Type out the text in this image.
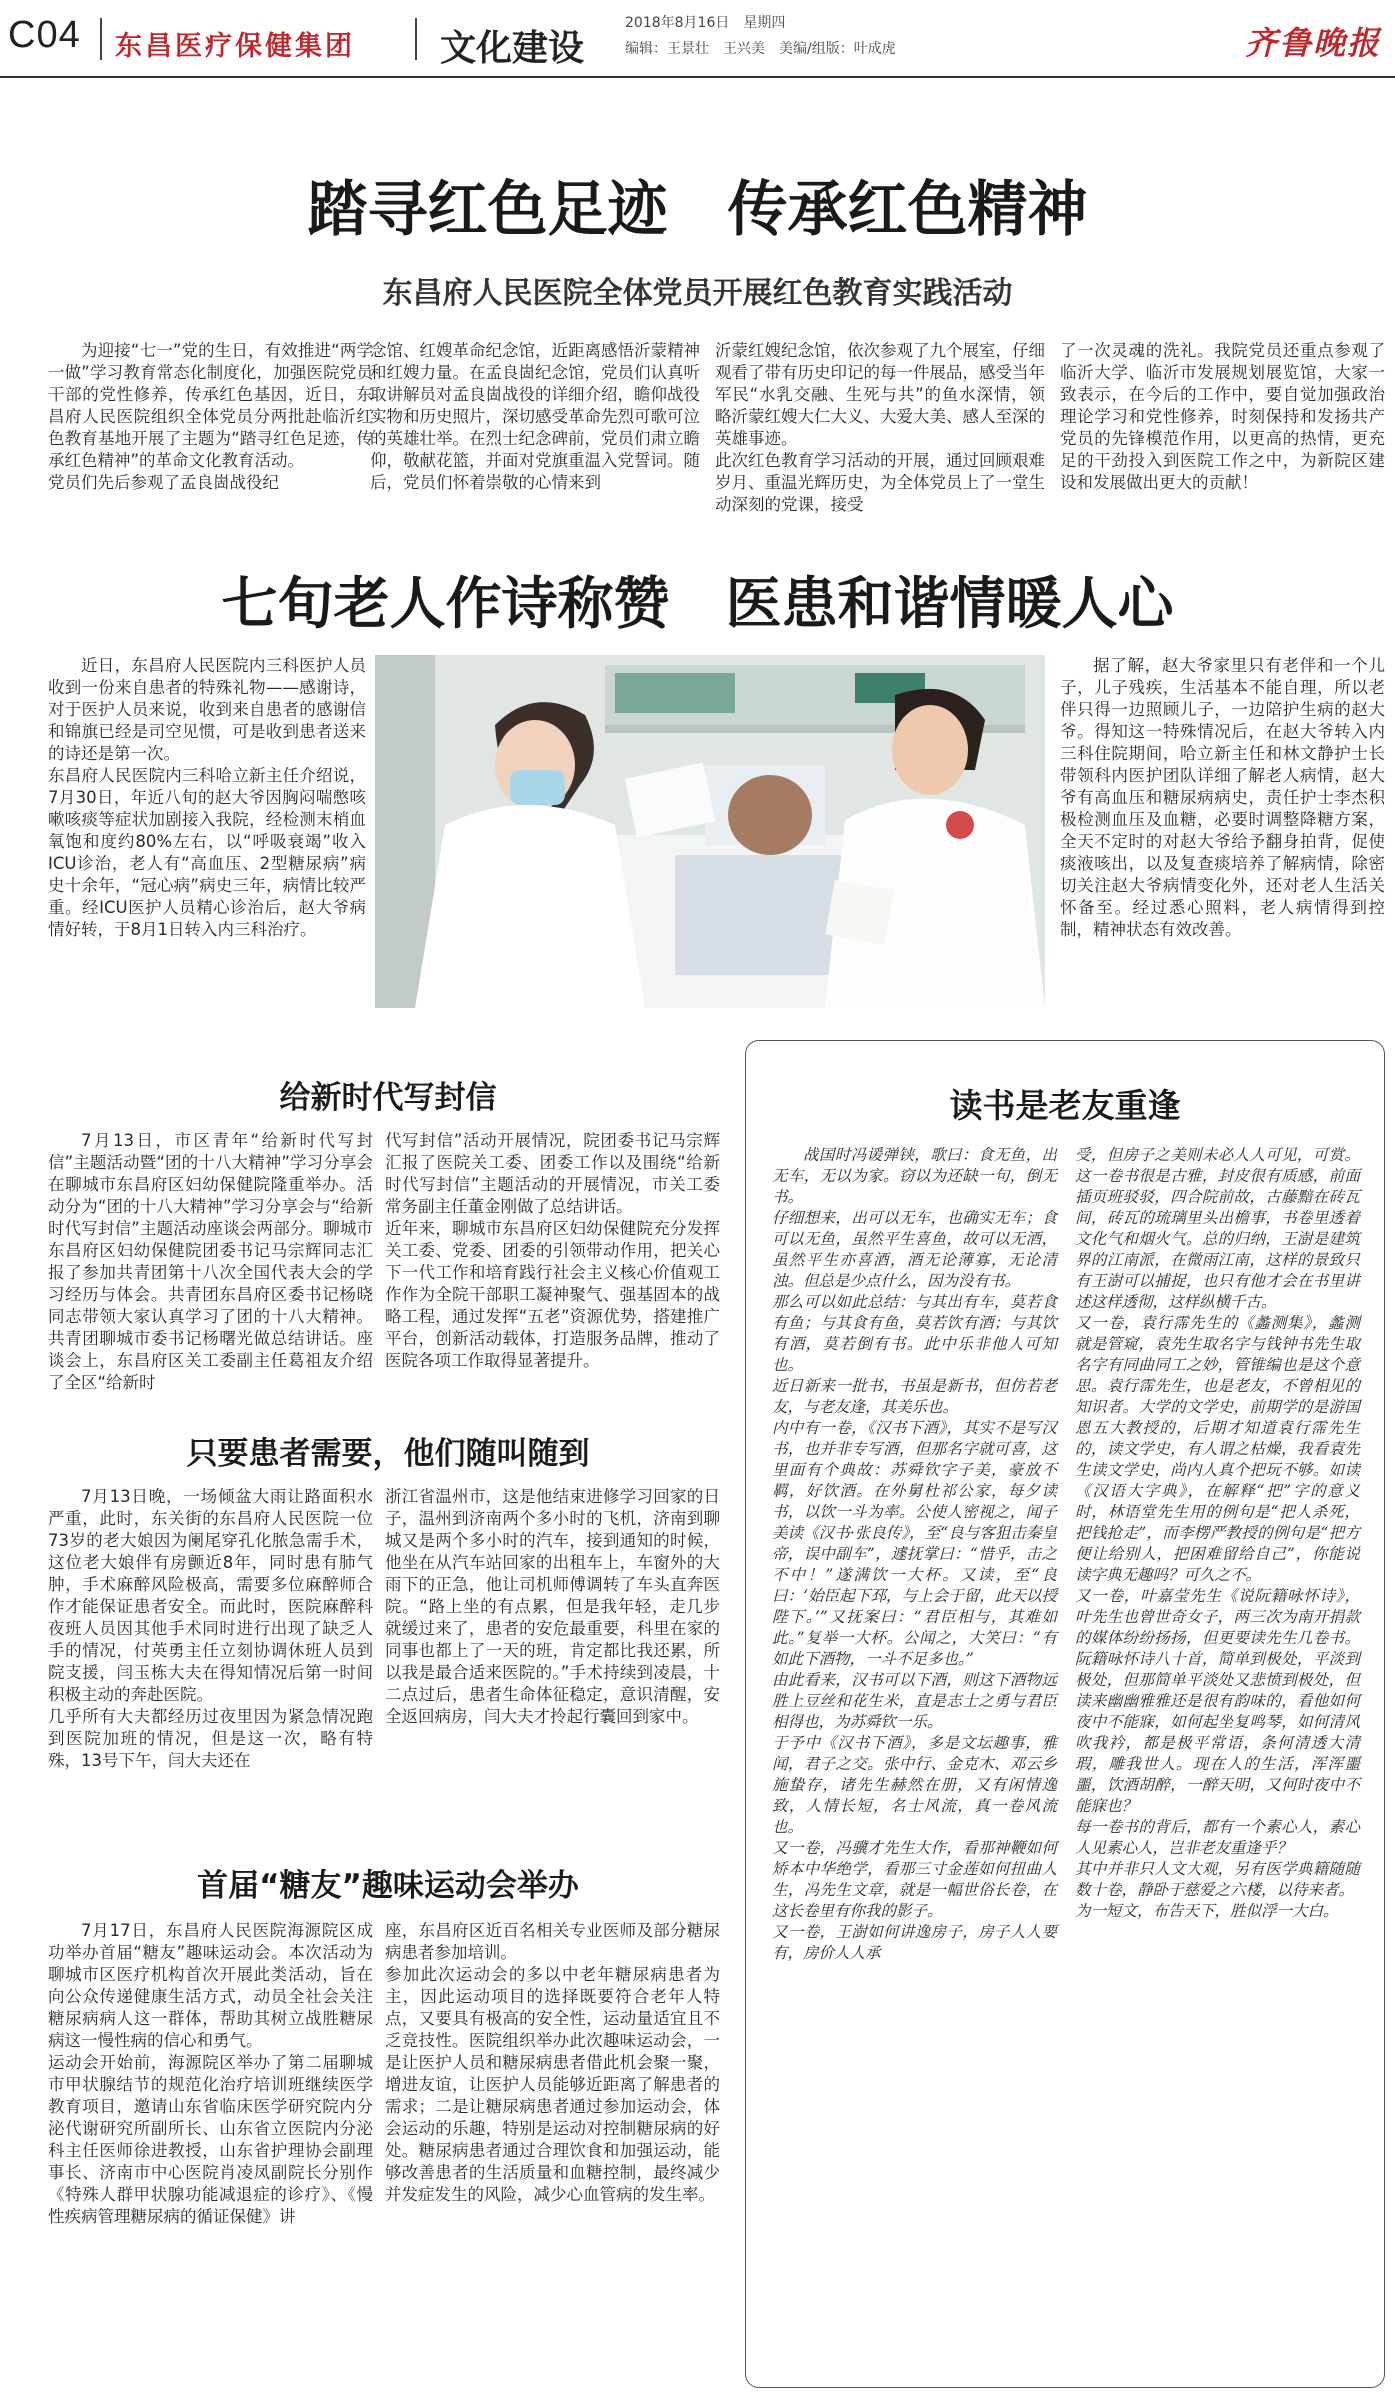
C04 东昌医疗保健集团 文化建设
2018年8月16日　星期四
编辑：王景壮　王兴美　美编/组版：叶成虎	齐鲁晚报
踏寻红色足迹　传承红色精神
东昌府人民医院全体党员开展红色教育实践活动

为迎接“七一”党的生日，有效推进“两学一做”学习教育常态化制度化，加强医院党员干部的党性修养，传承红色基因，近日，东昌府人民医院组织全体党员分两批赴临沂红色教育基地开展了主题为“踏寻红色足迹，传承红色精神”的革命文化教育活动。
党员们先后参观了孟良崮战役纪

念馆、红嫂革命纪念馆，近距离感悟沂蒙精神和红嫂力量。在孟良崮纪念馆，党员们认真听取讲解员对孟良崮战役的详细介绍，瞻仰战役实物和历史照片，深切感受革命先烈可歌可泣的英雄壮举。在烈士纪念碑前，党员们肃立瞻仰，敬献花篮，并面对党旗重温入党誓词。随后，党员们怀着崇敬的心情来到

沂蒙红嫂纪念馆，依次参观了九个展室，仔细观看了带有历史印记的每一件展品，感受当年军民“水乳交融、生死与共”的鱼水深情，领略沂蒙红嫂大仁大义、大爱大美、感人至深的英雄事迹。
此次红色教育学习活动的开展，通过回顾艰难岁月、重温光辉历史，为全体党员上了一堂生动深刻的党课，接受

了一次灵魂的洗礼。我院党员还重点参观了临沂大学、临沂市发展规划展览馆，大家一致表示，在今后的工作中，要自觉加强政治理论学习和党性修养，时刻保持和发扬共产党员的先锋模范作用，以更高的热情，更充足的干劲投入到医院工作之中，为新院区建设和发展做出更大的贡献！

七旬老人作诗称赞　医患和谐情暖人心

近日，东昌府人民医院内三科医护人员收到一份来自患者的特殊礼物——感谢诗，对于医护人员来说，收到来自患者的感谢信和锦旗已经是司空见惯，可是收到患者送来的诗还是第一次。
东昌府人民医院内三科哈立新主任介绍说，7月30日，年近八旬的赵大爷因胸闷喘憋咳嗽咳痰等症状加剧接入我院，经检测末梢血氧饱和度约80%左右，以“呼吸衰竭”收入ICU诊治，老人有“高血压、2型糖尿病”病史十余年，“冠心病”病史三年，病情比较严重。经ICU医护人员精心诊治后，赵大爷病情好转，于8月1日转入内三科治疗。

据了解，赵大爷家里只有老伴和一个儿子，儿子残疾，生活基本不能自理，所以老伴只得一边照顾儿子，一边陪护生病的赵大爷。得知这一特殊情况后，在赵大爷转入内三科住院期间，哈立新主任和林文静护士长带领科内医护团队详细了解老人病情，赵大爷有高血压和糖尿病病史，责任护士李杰积极检测血压及血糖，必要时调整降糖方案，全天不定时的对赵大爷给予翻身拍背，促使痰液咳出，以及复查痰培养了解病情，除密切关注赵大爷病情变化外，还对老人生活关怀备至。经过悉心照料，老人病情得到控制，精神状态有效改善。

给新时代写封信

7月13日，市区青年“给新时代写封信”主题活动暨“团的十八大精神”学习分享会在聊城市东昌府区妇幼保健院隆重举办。活动分为“团的十八大精神”学习分享会与“给新时代写封信”主题活动座谈会两部分。聊城市东昌府区妇幼保健院团委书记马宗辉同志汇报了参加共青团第十八次全国代表大会的学习经历与体会。共青团东昌府区委书记杨晓同志带领大家认真学习了团的十八大精神。共青团聊城市委书记杨曙光做总结讲话。座谈会上，东昌府区关工委副主任葛祖友介绍了全区“给新时

代写封信”活动开展情况，院团委书记马宗辉汇报了医院关工委、团委工作以及围绕“给新时代写封信”主题活动的开展情况，市关工委常务副主任董金刚做了总结讲话。
近年来，聊城市东昌府区妇幼保健院充分发挥关工委、党委、团委的引领带动作用，把关心下一代工作和培育践行社会主义核心价值观工作作为全院干部职工凝神聚气、强基固本的战略工程，通过发挥“五老”资源优势，搭建推广平台，创新活动载体，打造服务品牌，推动了医院各项工作取得显著提升。

只要患者需要，他们随叫随到

7月13日晚，一场倾盆大雨让路面积水严重，此时，东关街的东昌府人民医院一位73岁的老大娘因为阑尾穿孔化脓急需手术，这位老大娘伴有房颤近8年，同时患有肺气肿，手术麻醉风险极高，需要多位麻醉师合作才能保证患者安全。而此时，医院麻醉科夜班人员因其他手术同时进行出现了缺乏人手的情况，付英勇主任立刻协调休班人员到院支援，闫玉栋大夫在得知情况后第一时间积极主动的奔赴医院。
几乎所有大夫都经历过夜里因为紧急情况跑到医院加班的情况，但是这一次，略有特殊，13号下午，闫大夫还在

浙江省温州市，这是他结束进修学习回家的日子，温州到济南两个多小时的飞机，济南到聊城又是两个多小时的汽车，接到通知的时候，他坐在从汽车站回家的出租车上，车窗外的大雨下的正急，他让司机师傅调转了车头直奔医院。“路上坐的有点累，但是我年轻，走几步就缓过来了，患者的安危最重要，科里在家的同事也都上了一天的班，肯定都比我还累，所以我是最合适来医院的。”手术持续到凌晨，十二点过后，患者生命体征稳定，意识清醒，安全返回病房，闫大夫才拎起行囊回到家中。

首届“糖友”趣味运动会举办

7月17日，东昌府人民医院海源院区成功举办首届“糖友”趣味运动会。本次活动为聊城市区医疗机构首次开展此类活动，旨在向公众传递健康生活方式，动员全社会关注糖尿病病人这一群体，帮助其树立战胜糖尿病这一慢性病的信心和勇气。
运动会开始前，海源院区举办了第二届聊城市甲状腺结节的规范化治疗培训班继续医学教育项目，邀请山东省临床医学研究院内分泌代谢研究所副所长、山东省立医院内分泌科主任医师徐进教授，山东省护理协会副理事长、济南市中心医院肖凌凤副院长分别作《特殊人群甲状腺功能减退症的诊疗》、《慢性疾病管理糖尿病的循证保健》讲

座，东昌府区近百名相关专业医师及部分糖尿病患者参加培训。
参加此次运动会的多以中老年糖尿病患者为主，因此运动项目的选择既要符合老年人特点，又要具有极高的安全性，运动量适宜且不乏竞技性。医院组织举办此次趣味运动会，一是让医护人员和糖尿病患者借此机会聚一聚，增进友谊，让医护人员能够近距离了解患者的需求；二是让糖尿病患者通过参加运动会，体会运动的乐趣，特别是运动对控制糖尿病的好处。糖尿病患者通过合理饮食和加强运动，能够改善患者的生活质量和血糖控制，最终减少并发症发生的风险，减少心血管病的发生率。

读书是老友重逢

战国时冯谖弹铗，歌曰：食无鱼，出无车，无以为家。窃以为还缺一句，倒无书。
仔细想来，出可以无车，也确实无车；食可以无鱼，虽然平生喜鱼，故可以无酒，虽然平生亦喜酒，酒无论薄寡，无论清浊。但总是少点什么，因为没有书。
那么可以如此总结：与其出有车，莫若食有鱼；与其食有鱼，莫若饮有酒；与其饮有酒，莫若倒有书。此中乐非他人可知也。
近日新来一批书，书虽是新书，但仿若老友，与老友逢，其美乐也。
内中有一卷，《汉书下酒》，其实不是写汉书，也并非专写酒，但那名字就可喜，这里面有个典故：苏舜钦字子美，豪放不羁，好饮酒。在外舅杜祁公家，每夕读书，以饮一斗为率。公使人密视之，闻子美读《汉书·张良传》，至“良与客狙击秦皇帝，误中副车”，遽抚掌曰：“惜乎，击之不中！”遂满饮一大杯。又读，至“良曰：‘始臣起下邳，与上会于留，此天以授陛下。’”又抚案曰：“君臣相与，其难如此。”复举一大杯。公闻之，大笑曰：“有如此下酒物，一斗不足多也。”
由此看来，汉书可以下酒，则这下酒物远胜上豆丝和花生米，直是志士之勇与君臣相得也，为苏舜钦一乐。
于予中《汉书下酒》，多是文坛趣事，雅闻，君子之交。张中行、金克木、邓云乡施蛰存，诸先生赫然在册，又有闲情逸致，人情长短，名士风流，真一卷风流也。
又一卷，冯骥才先生大作，看那神鞭如何矫本中华绝学，看那三寸金莲如何扭曲人生，冯先生文章，就是一幅世俗长卷，在这长卷里有你我的影子。
又一卷，王澍如何讲逸房子，房子人人要有，房价人人承

受，但房子之美则未必人人可见，可赏。这一卷书很是古雅，封皮很有质感，前面插页班驳驳，四合院前故，古藤黯在砖瓦间，砖瓦的琉璃里头出檐事，书卷里透着文化气和烟火气。总的归纳，王澍是建筑界的江南派，在微雨江南，这样的景致只有王澍可以捕捉，也只有他才会在书里讲述这样透彻，这样纵横千古。
又一卷，袁行霈先生的《蠡测集》，蠡测就是管窥，袁先生取名字与钱钟书先生取名字有同曲同工之妙，管锥编也是这个意思。袁行霈先生，也是老友，不曾相见的知识者。大学的文学史，前期学的是游国恩五大教授的，后期才知道袁行霈先生的，读文学史，有人谓之枯燥，我看袁先生读文学史，尚内人真个把玩不够。如读《汉语大字典》，在解释“把”字的意义时，林语堂先生用的例句是“把人杀死，把钱抢走”，而李楞严教授的例句是“把方便让给别人，把困难留给自己”，你能说读字典无趣吗？可久之不。
又一卷，叶嘉莹先生《说阮籍咏怀诗》，叶先生也曾世奇女子，两三次为南开捐款的媒体纷纷扬扬，但更要读先生几卷书。阮籍咏怀诗八十首，简单到极处，平淡到极处，但那简单平淡处又悲愤到极处，但读来幽幽雅雅还是很有韵味的，看他如何夜中不能寐，如何起坐复鸣琴，如何清风吹我衿，都是极平常语，条何清透大清瑕，雕我世人。现在人的生活，浑浑噩噩，饮酒胡醉，一醉天明，又何时夜中不能寐也？
每一卷书的背后，都有一个素心人，素心人见素心人，岂非老友重逢乎？
其中并非只人文大观，另有医学典籍随随数十卷，静卧于慈爱之六楼，以待来者。
为一短文，布告天下，胜似浮一大白。
